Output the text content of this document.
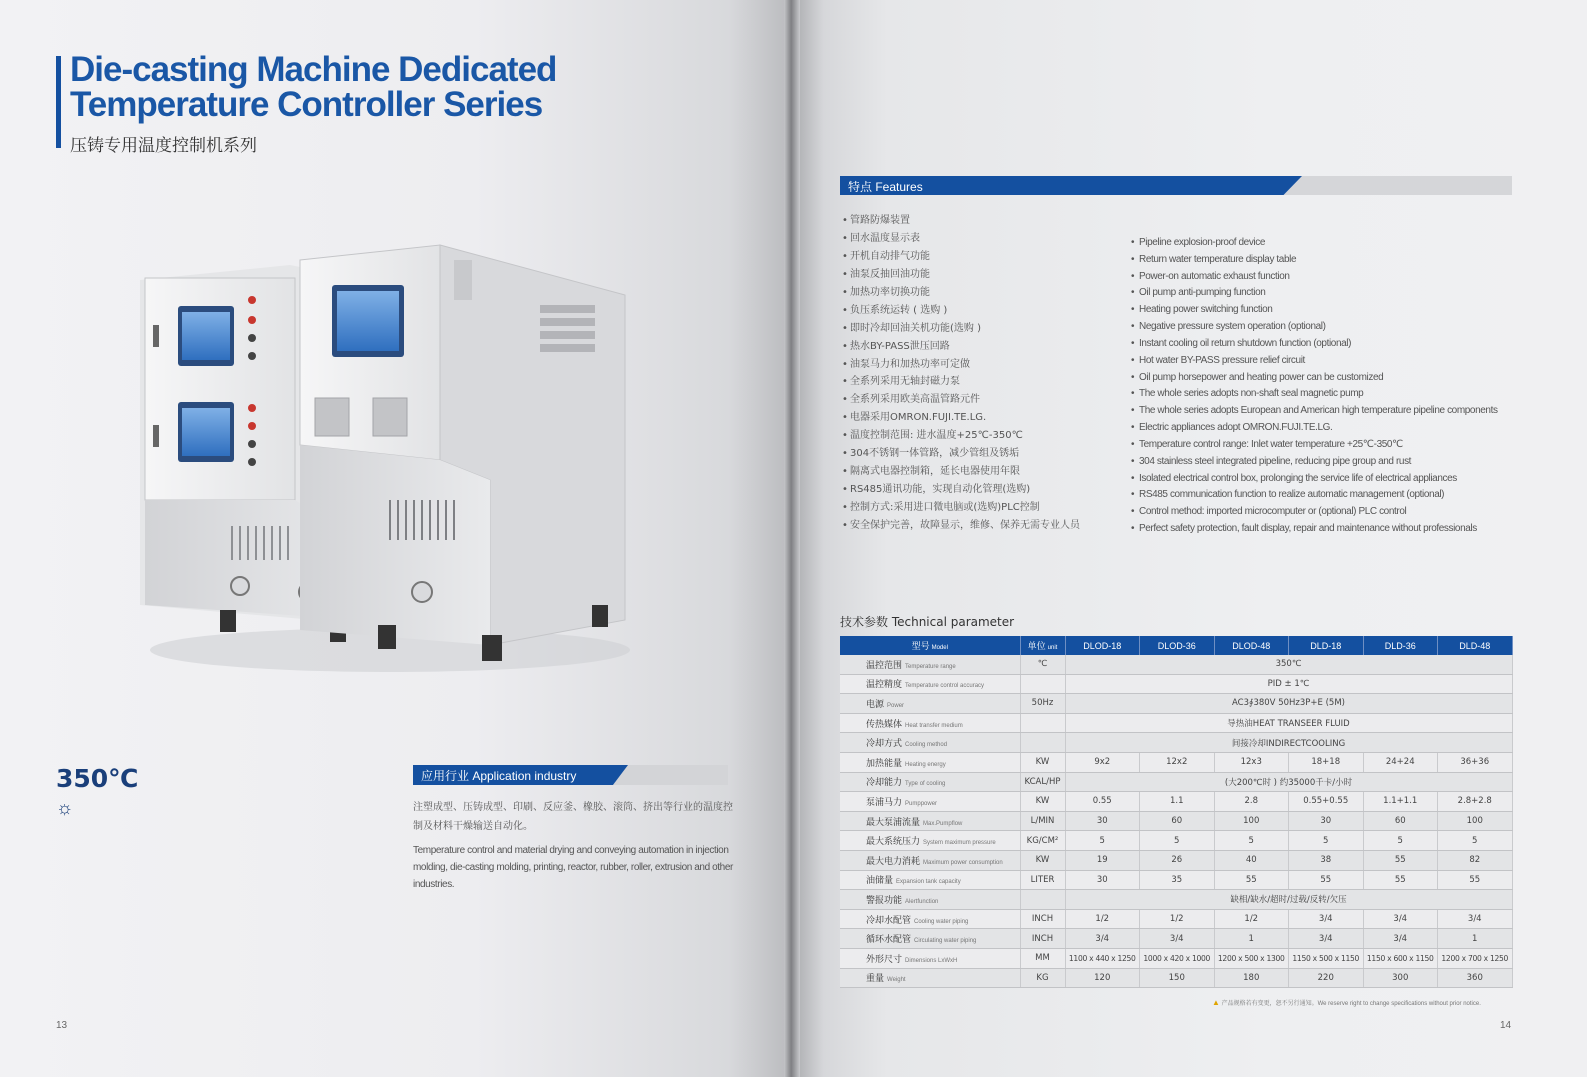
Die-casting Machine Dedicated
Temperature Controller Series
压铸专用温度控制机系列
350℃
☼
应用行业 Application industry
注塑成型、压铸成型、印刷、反应釜、橡胶、滚筒、挤出等行业的温度控制及材料干燥输送自动化。
Temperature control and material drying and conveying automation in injection molding, die-casting molding, printing, reactor, rubber, roller, extrusion and other industries.
13
特点 Features
• 管路防爆装置
• 回水温度显示表
• 开机自动排气功能
• 油泵反抽回油功能
• 加热功率切换功能
• 负压系统运转 ( 选购 )
• 即时冷却回油关机功能(选购 )
• 热水BY-PASS泄压回路
• 油泵马力和加热功率可定做
• 全系列采用无轴封磁力泵
• 全系列采用欧美高温管路元件
• 电器采用OMRON.FUJI.TE.LG.
• 温度控制范围: 进水温度+25℃-350℃
• 304不锈钢一体管路，减少管组及锈垢
• 隔离式电器控制箱，延长电器使用年限
• RS485通讯功能，实现自动化管理(选购)
• 控制方式:采用进口微电脑或(选购)PLC控制
• 安全保护完善，故障显示，维修、保养无需专业人员
• Pipeline explosion-proof device
• Return water temperature display table
• Power-on automatic exhaust function
• Oil pump anti-pumping function
• Heating power switching function
• Negative pressure system operation (optional)
• Instant cooling oil return shutdown function (optional)
• Hot water BY-PASS pressure relief circuit
• Oil pump horsepower and heating power can be customized
• The whole series adopts non-shaft seal magnetic pump
• The whole series adopts European and American high temperature pipeline components
• Electric appliances adopt OMRON.FUJI.TE.LG.
• Temperature control range: Inlet water temperature +25℃-350℃
• 304 stainless steel integrated pipeline, reducing pipe group and rust
• Isolated electrical control box, prolonging the service life of electrical appliances
• RS485 communication function to realize automatic management (optional)
• Control method: imported microcomputer or (optional) PLC control
• Perfect safety protection, fault display, repair and maintenance without professionals
技术参数 Technical parameter
型号 Model	单位 unit	DLOD-18	DLOD-36	DLOD-48	DLD-18	DLD-36	DLD-48
温控范围 Temperature range	℃	350℃					
温控精度 Temperature control accuracy		PID ± 1℃					
电源 Power	50Hz	AC3∮380V 50Hz3P+E (5M)					
传热媒体 Heat transfer medium		导热油HEAT TRANSEER FLUID					
冷却方式 Cooling method		间接冷却INDIRECTCOOLING					
加热能量 Heating energy	KW	9x2	12x2	12x3	18+18	24+24	36+36
冷却能力 Type of cooling	KCAL/HP	(大200℃时 ) 约35000千卡/小时					
泵浦马力 Pumppower	KW	0.55	1.1	2.8	0.55+0.55	1.1+1.1	2.8+2.8
最大泵浦流量 Max.Pumpflow	L/MIN	30	60	100	30	60	100
最大系统压力 System maximum pressure	KG/CM²	5	5	5	5	5	5
最大电力消耗 Maximum power consumption	KW	19	26	40	38	55	82
油储量 Expansion tank capacity	LITER	30	35	55	55	55	55
警报功能 Alertfunction		缺相/缺水/超时/过载/反转/欠压					
冷却水配管 Cooling water piping	INCH	1/2	1/2	1/2	3/4	3/4	3/4
循环水配管 Circulating water piping	INCH	3/4	3/4	1	3/4	3/4	1
外形尺寸 Dimensions LxWxH	MM	1100 x 440 x 1250	1000 x 420 x 1000	1200 x 500 x 1300	1150 x 500 x 1150	1150 x 600 x 1150	1200 x 700 x 1250
重量 Weight	KG	120	150	180	220	300	360
▲ 产品规格若有变更，恕不另行通知。We reserve right to change specifications without prior notice.
14
